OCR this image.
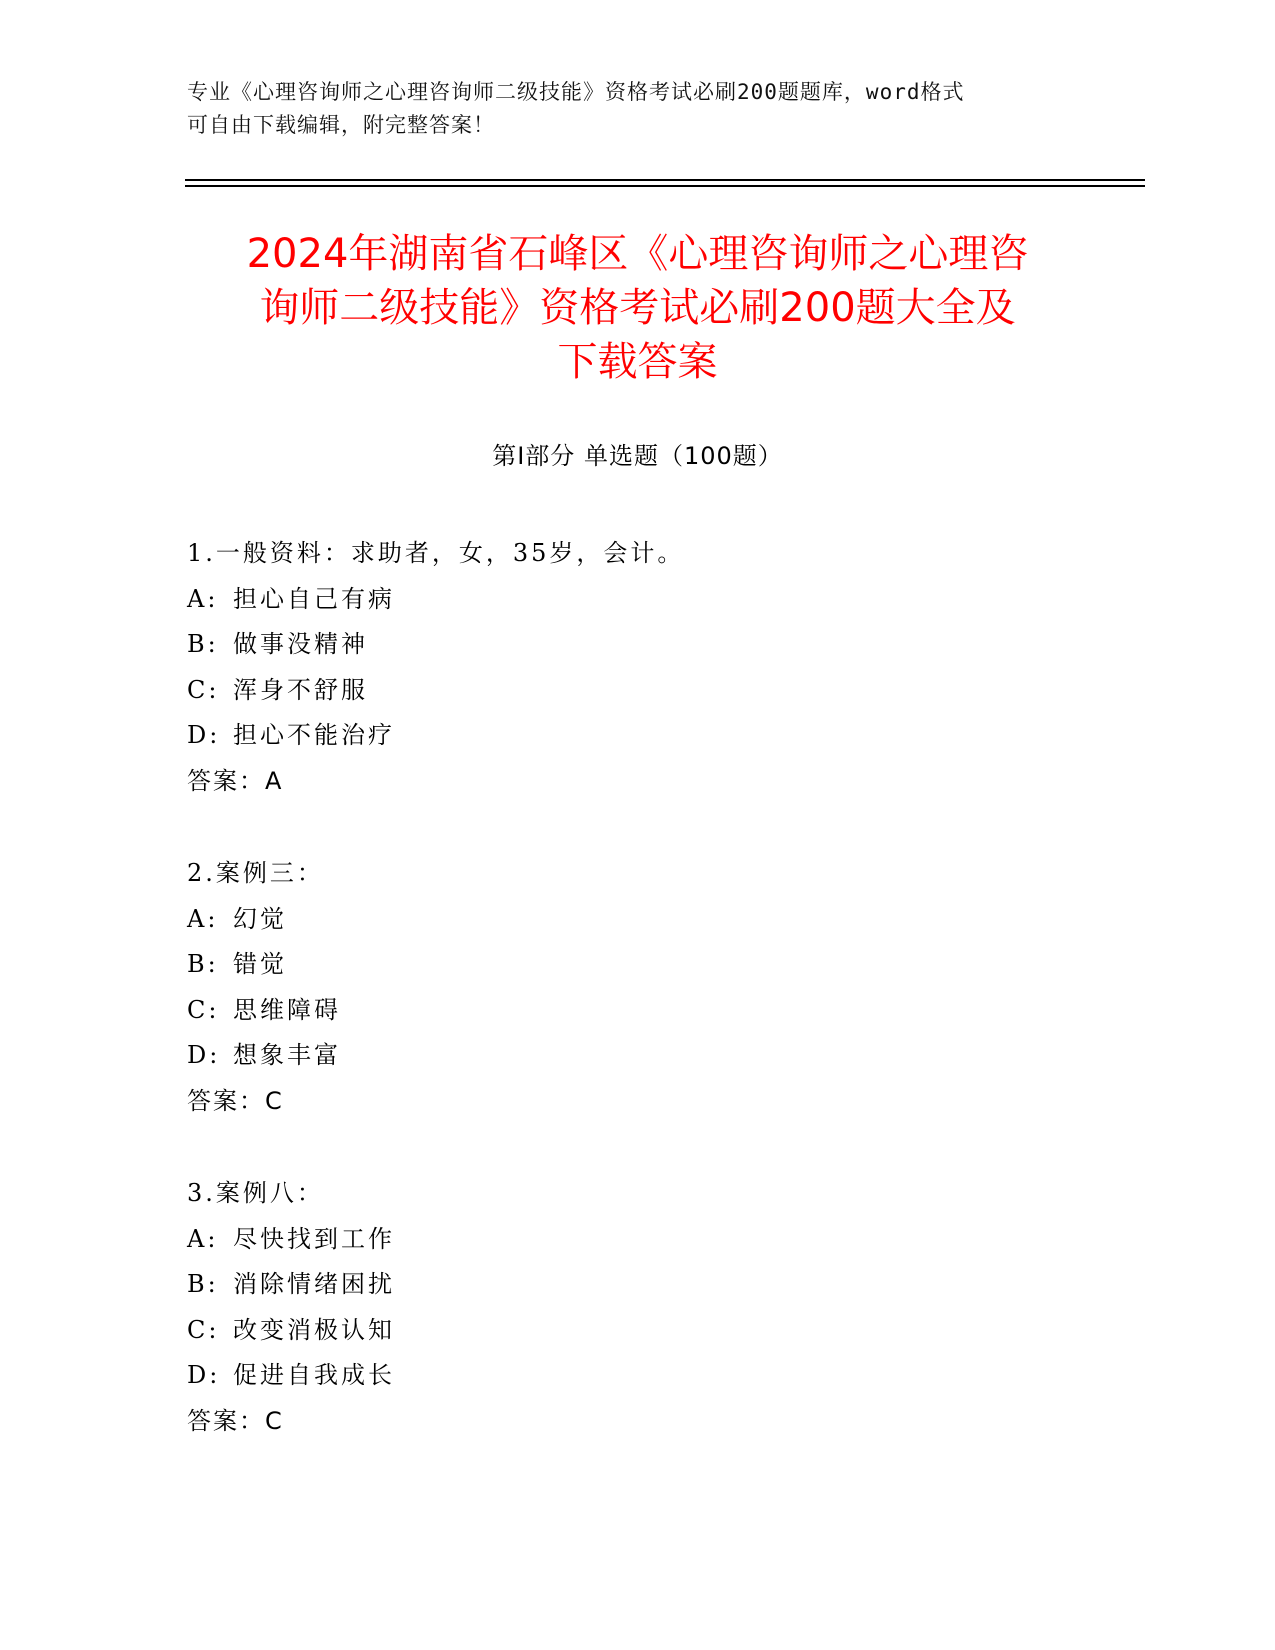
专业《心理咨询师之心理咨询师二级技能》资格考试必刷200题题库，word格式
可自由下载编辑，附完整答案！
2024年湖南省石峰区《心理咨询师之心理咨
询师二级技能》资格考试必刷200题大全及
下载答案
第Ⅰ部分 单选题（100题）
1.一般资料：求助者，女，35岁，会计。
A: 担心自己有病
B: 做事没精神
C: 浑身不舒服
D: 担心不能治疗
答案：A
2.案例三：
A: 幻觉
B: 错觉
C: 思维障碍
D: 想象丰富
答案：C
3.案例八：
A: 尽快找到工作
B: 消除情绪困扰
C: 改变消极认知
D: 促进自我成长
答案：C
